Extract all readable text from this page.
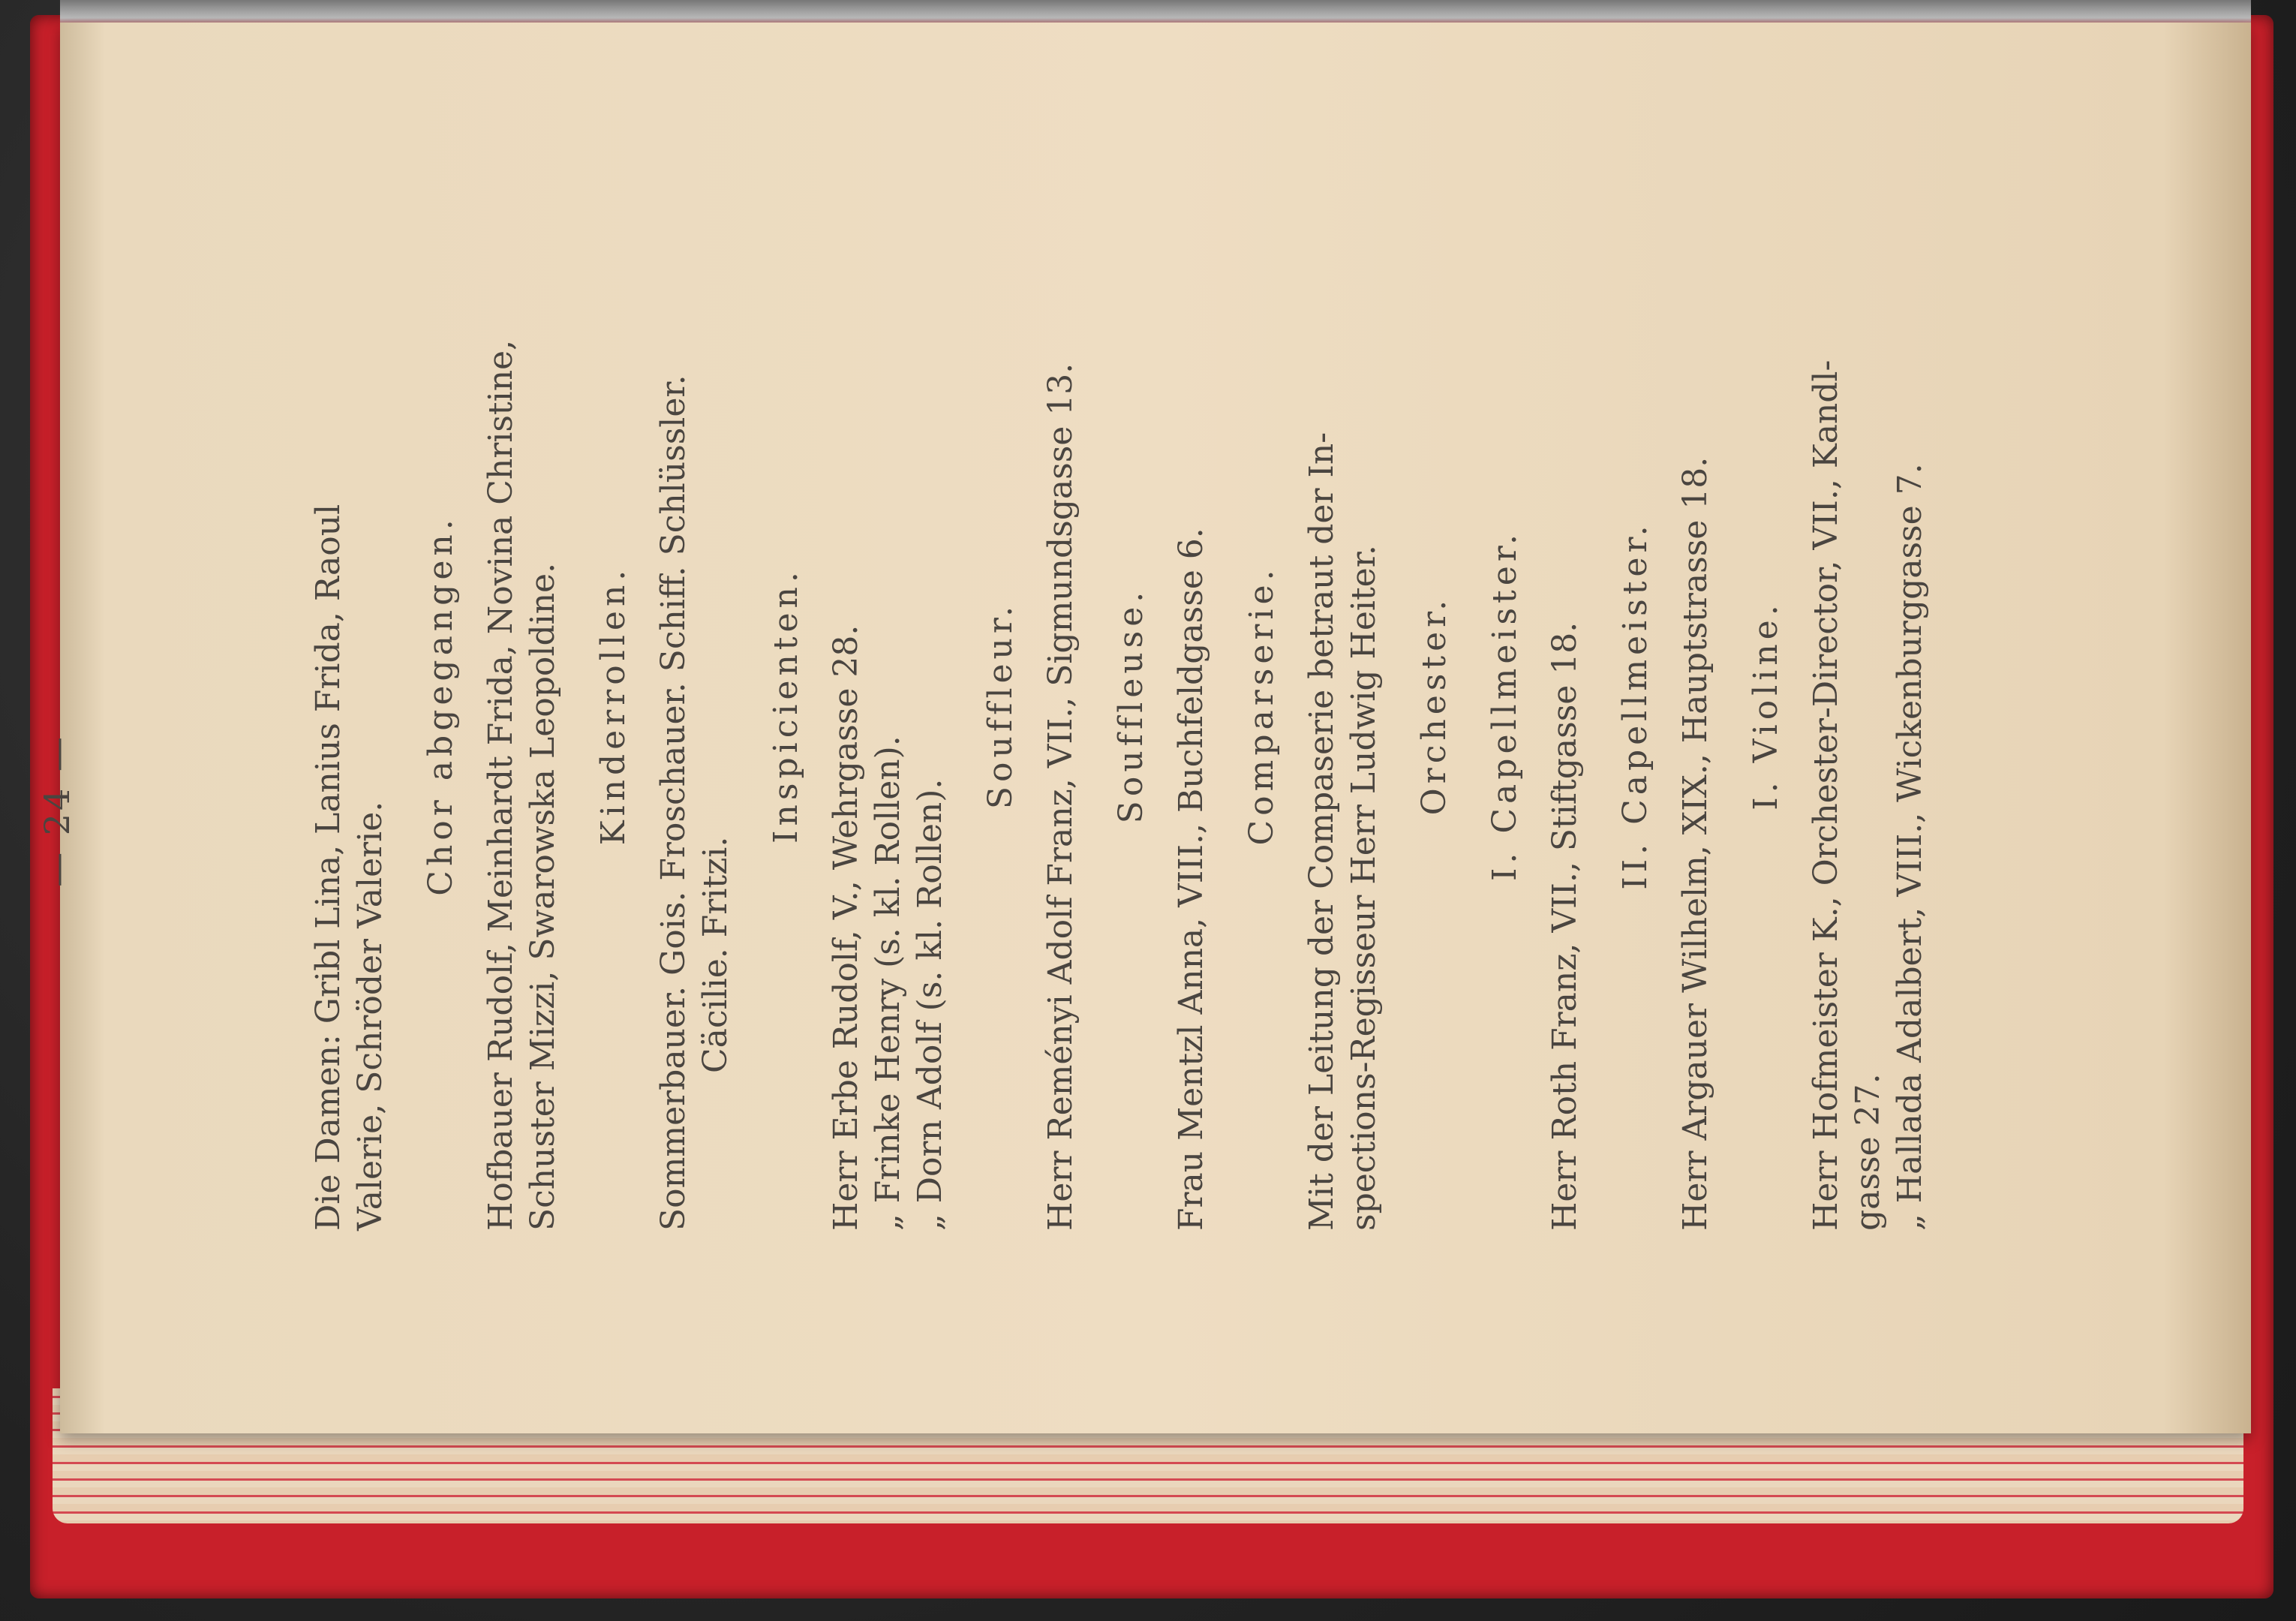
— 24 —	Die Damen: Gribl Lina, Lanius Frida, Raoul Valerie, Schröder Valerie.

Chor abgegangen. Hofbauer Rudolf, Meinhardt Frida, Novina Christine, Schuster Mizzi, Swarowska Leopoldine. Kinderrollen. Sommerbauer. Gois. Froschauer. Schiff. Schlüssler. Cäcilie. Fritzi.

Inspicienten. Herr Erbe Rudolf, V., Wehrgasse 28. „ Frinke Henry (s. kl. Rollen). „ Dorn Adolf (s. kl. Rollen).

Souffleur. Herr Reményi Adolf Franz, VII., Sigmundsgasse 13. Souffleuse. Frau Mentzl Anna, VIII., Buchfeldgasse 6. Comparserie. Mit der Leitung der Compaserie betraut der In- spections-Regisseur Herr Ludwig Heiter. Orchester. I. Capellmeister. Herr Roth Franz, VII., Stiftgasse 18. II. Capellmeister. Herr Argauer Wilhelm, XIX., Hauptstrasse 18. I. Violine. Herr Hofmeister K., Orchester-Director, VII., Kandl- gasse 27. „ Hallada Adalbert, VIII., Wickenburggasse 7.
